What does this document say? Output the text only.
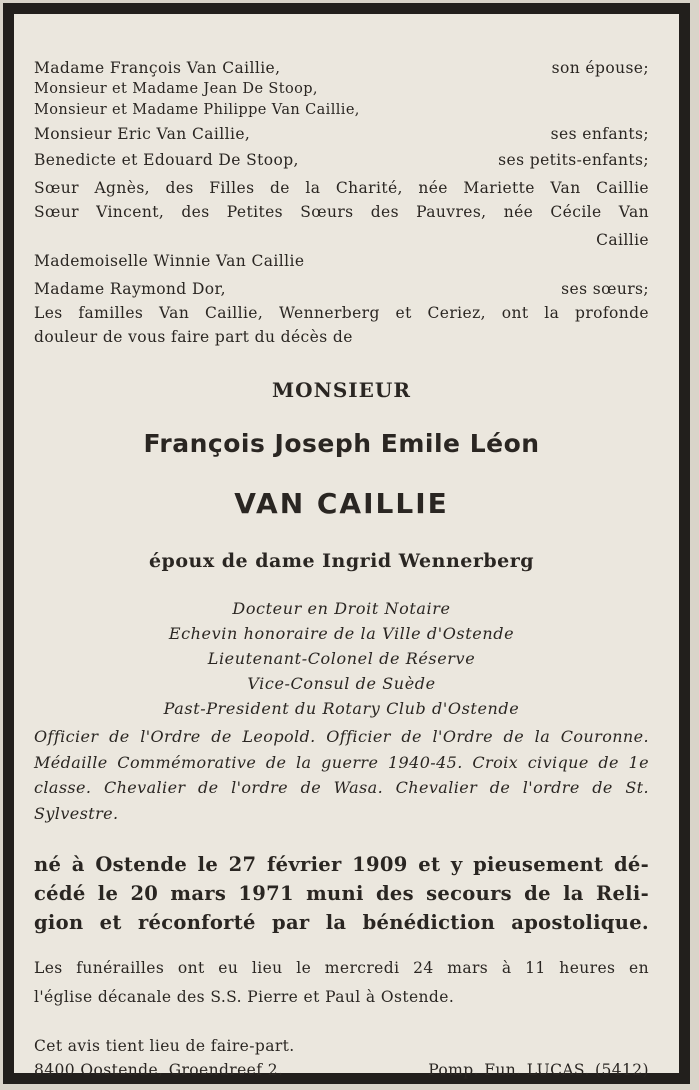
Madame François Van Caillie,	son épouse;
Monsieur et Madame Jean De Stoop,
Monsieur et Madame Philippe Van Caillie,
Monsieur Eric Van Caillie,	ses enfants;
Benedicte et Edouard De Stoop,	ses petits-enfants;
Sœur Agnès, des Filles de la Charité, née Mariette Van Caillie
Sœur Vincent, des Petites Sœurs des Pauvres, née Cécile Van
Caillie
Mademoiselle Winnie Van Caillie
Madame Raymond Dor,	ses sœurs;
Les familles Van Caillie, Wennerberg et Ceriez, ont la profonde
douleur de vous faire part du décès de
MONSIEUR
François Joseph Emile Léon
VAN CAILLIE
époux de dame Ingrid Wennerberg
Docteur en Droit Notaire
Echevin honoraire de la Ville d'Ostende
Lieutenant-Colonel de Réserve
Vice-Consul de Suède
Past-President du Rotary Club d'Ostende
Officier de l'Ordre de Leopold. Officier de l'Ordre de la Couronne.
Médaille Commémorative de la guerre 1940-45. Croix civique de 1e
classe. Chevalier de l'ordre de Wasa. Chevalier de l'ordre de St.
Sylvestre.
né à Ostende le 27 février 1909 et y pieusement dé-
cédé le 20 mars 1971 muni des secours de la Reli-
gion et réconforté par la bénédiction apostolique.
Les funérailles ont eu lieu le mercredi 24 mars à 11 heures en
l'église décanale des S.S. Pierre et Paul à Ostende.
Cet avis tient lieu de faire-part.
8400 Oostende, Groendreef 2.	Pomp. Fun. LUCAS. (5412)
